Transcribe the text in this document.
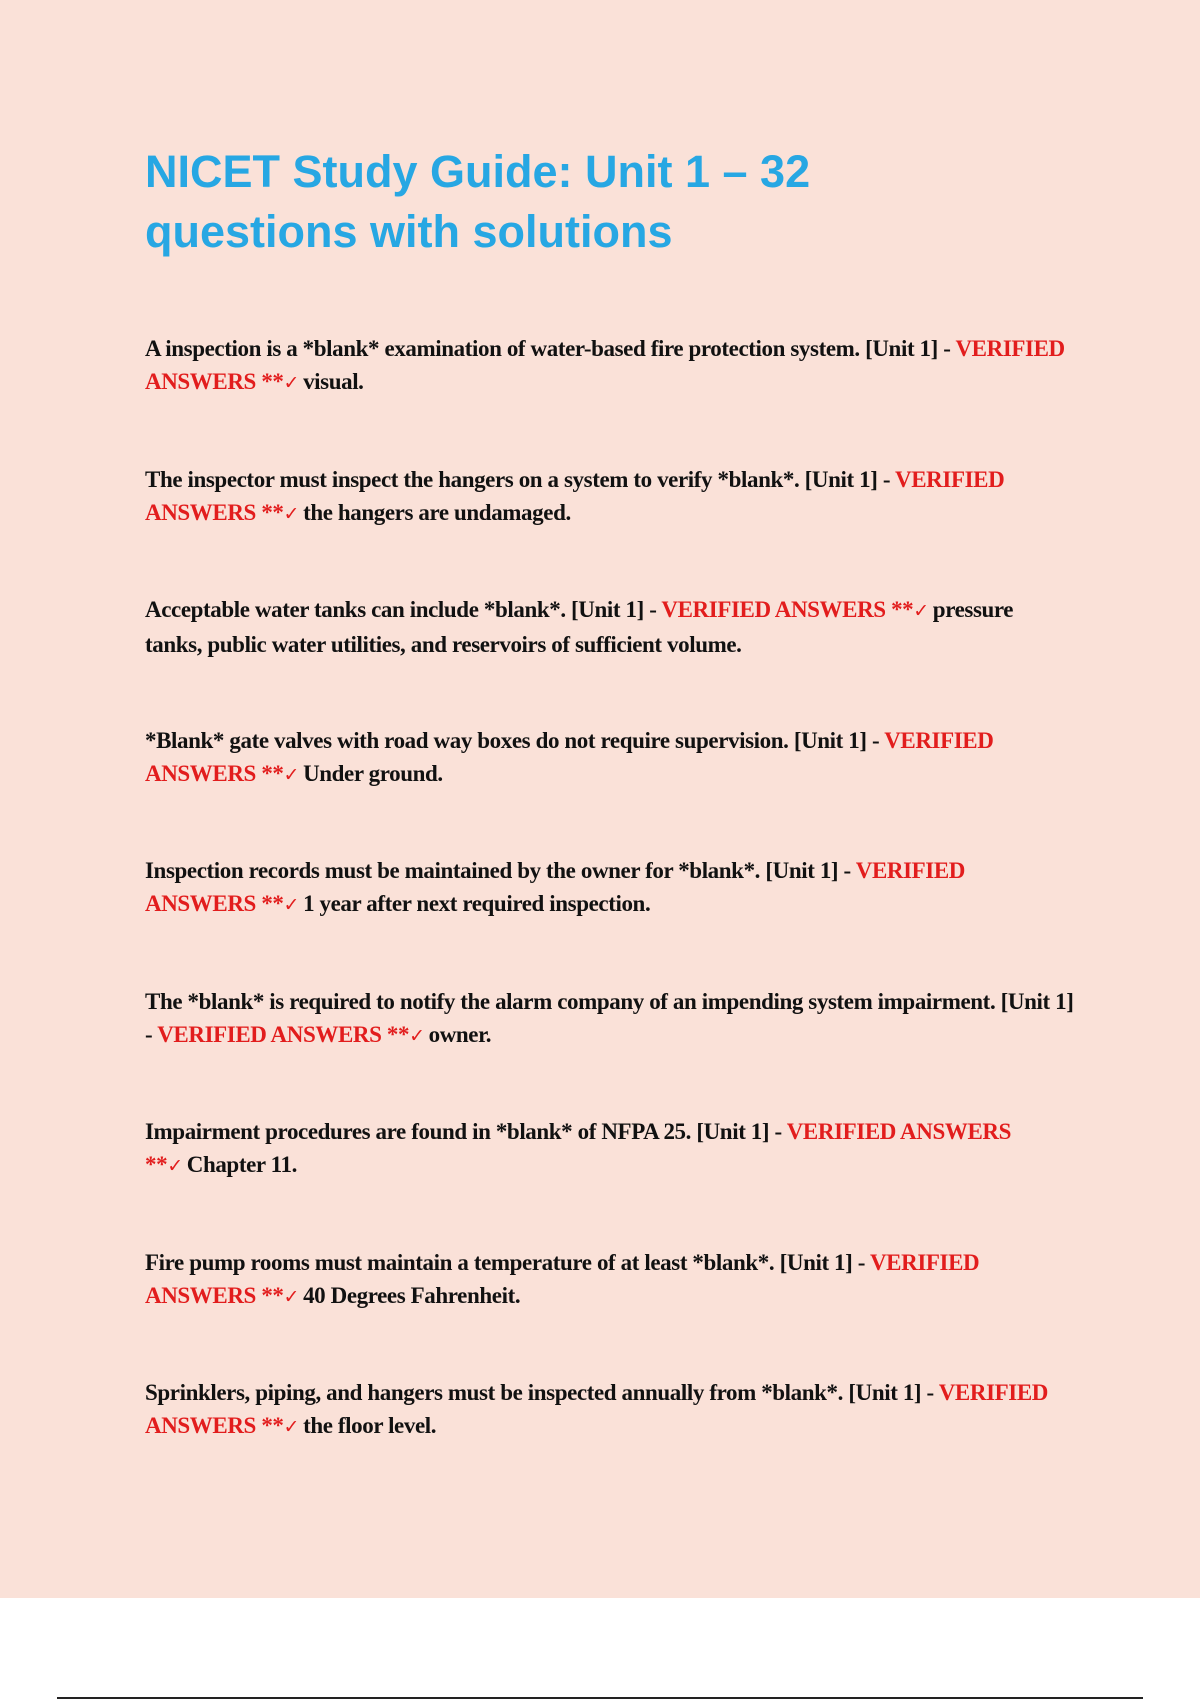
NICET Study Guide: Unit 1 – 32 questions with solutions

A inspection is a *blank* examination of water-based fire protection system. [Unit 1] - VERIFIED ANSWERS **✓ visual.

The inspector must inspect the hangers on a system to verify *blank*. [Unit 1] - VERIFIED ANSWERS **✓ the hangers are undamaged.

Acceptable water tanks can include *blank*. [Unit 1] - VERIFIED ANSWERS **✓ pressure tanks, public water utilities, and reservoirs of sufficient volume.

*Blank* gate valves with road way boxes do not require supervision. [Unit 1] - VERIFIED ANSWERS **✓ Under ground.

Inspection records must be maintained by the owner for *blank*. [Unit 1] - VERIFIED ANSWERS **✓ 1 year after next required inspection.

The *blank* is required to notify the alarm company of an impending system impairment. [Unit 1] - VERIFIED ANSWERS **✓ owner.

Impairment procedures are found in *blank* of NFPA 25. [Unit 1] - VERIFIED ANSWERS **✓ Chapter 11.

Fire pump rooms must maintain a temperature of at least *blank*. [Unit 1] - VERIFIED ANSWERS **✓ 40 Degrees Fahrenheit.

Sprinklers, piping, and hangers must be inspected annually from *blank*. [Unit 1] - VERIFIED ANSWERS **✓ the floor level.
